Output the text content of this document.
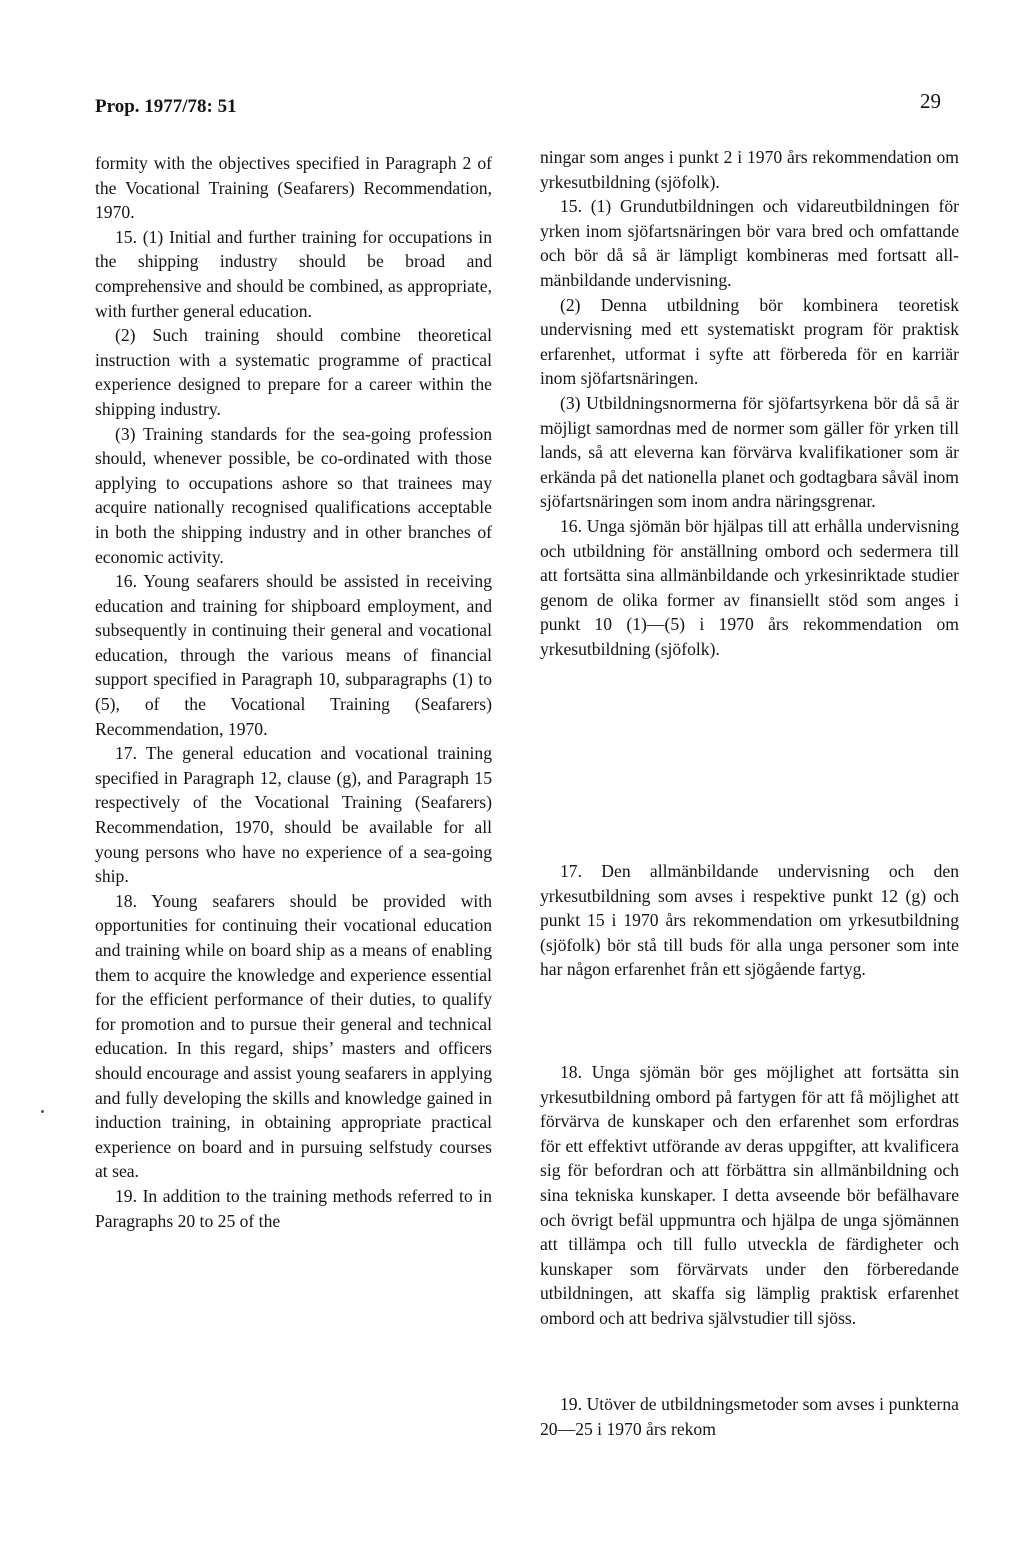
Prop. 1977/78: 51	29

formity with the objectives specified in Paragraph 2 of the Vocational Training (Seafarers) Recommendation, 1970.

15. (1) Initial and further training for occupations in the shipping industry should be broad and comprehensive and should be combined, as appropriate, with further general education.

(2) Such training should combine theoretical instruction with a systematic programme of practical experience designed to prepare for a career within the shipping industry.

(3) Training standards for the sea-going profession should, whenever possible, be co-ordinated with those applying to occupations ashore so that trainees may acquire nationally recognised qualifications acceptable in both the shipping industry and in other branches of economic activity.

16. Young seafarers should be assisted in receiving education and training for shipboard employment, and subsequently in continuing their general and vocational education, through the various means of financial support specified in Paragraph 10, subparagraphs (1) to (5), of the Vocational Training (Seafarers) Recommendation, 1970.

17. The general education and vocational training specified in Paragraph 12, clause (g), and Paragraph 15 respectively of the Vocational Training (Seafarers) Recommendation, 1970, should be available for all young persons who have no experience of a sea-going ship.

18. Young seafarers should be provided with opportunities for continuing their vocational education and training while on board ship as a means of enabling them to acquire the knowledge and experience essential for the efficient performance of their duties, to qualify for promotion and to pursue their general and technical education. In this regard, ships’ masters and officers should encourage and assist young seafarers in applying and fully developing the skills and knowledge gained in induction training, in obtaining appropriate practical experience on board and in pursuing selfstudy courses at sea.

19. In addition to the training methods referred to in Paragraphs 20 to 25 of the

ningar som anges i punkt 2 i 1970 års rekommendation om yrkesutbildning (sjöfolk).

15. (1) Grundutbildningen och vidareutbildningen för yrken inom sjöfartsnäringen bör vara bred och omfattande och bör då så är lämpligt kombineras med fortsatt allmänbildande undervisning.

(2) Denna utbildning bör kombinera teoretisk undervisning med ett systematiskt program för praktisk erfarenhet, utformat i syfte att förbereda för en karriär inom sjöfartsnäringen.

(3) Utbildningsnormerna för sjöfartsyrkena bör då så är möjligt samordnas med de normer som gäller för yrken till lands, så att eleverna kan förvärva kvalifikationer som är erkända på det nationella planet och godtagbara såväl inom sjöfartsnäringen som inom andra näringsgrenar.

16. Unga sjömän bör hjälpas till att erhålla undervisning och utbildning för anställning ombord och sedermera till att fortsätta sina allmänbildande och yrkesinriktade studier genom de olika former av finansiellt stöd som anges i punkt 10 (1)—(5) i 1970 års rekommendation om yrkesutbildning (sjöfolk).

17. Den allmänbildande undervisning och den yrkesutbildning som avses i respektive punkt 12 (g) och punkt 15 i 1970 års rekommendation om yrkesutbildning (sjöfolk) bör stå till buds för alla unga personer som inte har någon erfarenhet från ett sjögående fartyg.

18. Unga sjömän bör ges möjlighet att fortsätta sin yrkesutbildning ombord på fartygen för att få möjlighet att förvärva de kunskaper och den erfarenhet som erfordras för ett effektivt utförande av deras uppgifter, att kvalificera sig för befordran och att förbättra sin allmänbildning och sina tekniska kunskaper. I detta avseende bör befälhavare och övrigt befäl uppmuntra och hjälpa de unga sjömännen att tillämpa och till fullo utveckla de färdigheter och kunskaper som förvärvats under den förberedande utbildningen, att skaffa sig lämplig praktisk erfarenhet ombord och att bedriva självstudier till sjöss.

19. Utöver de utbildningsmetoder som avses i punkterna 20—25 i 1970 års rekom
